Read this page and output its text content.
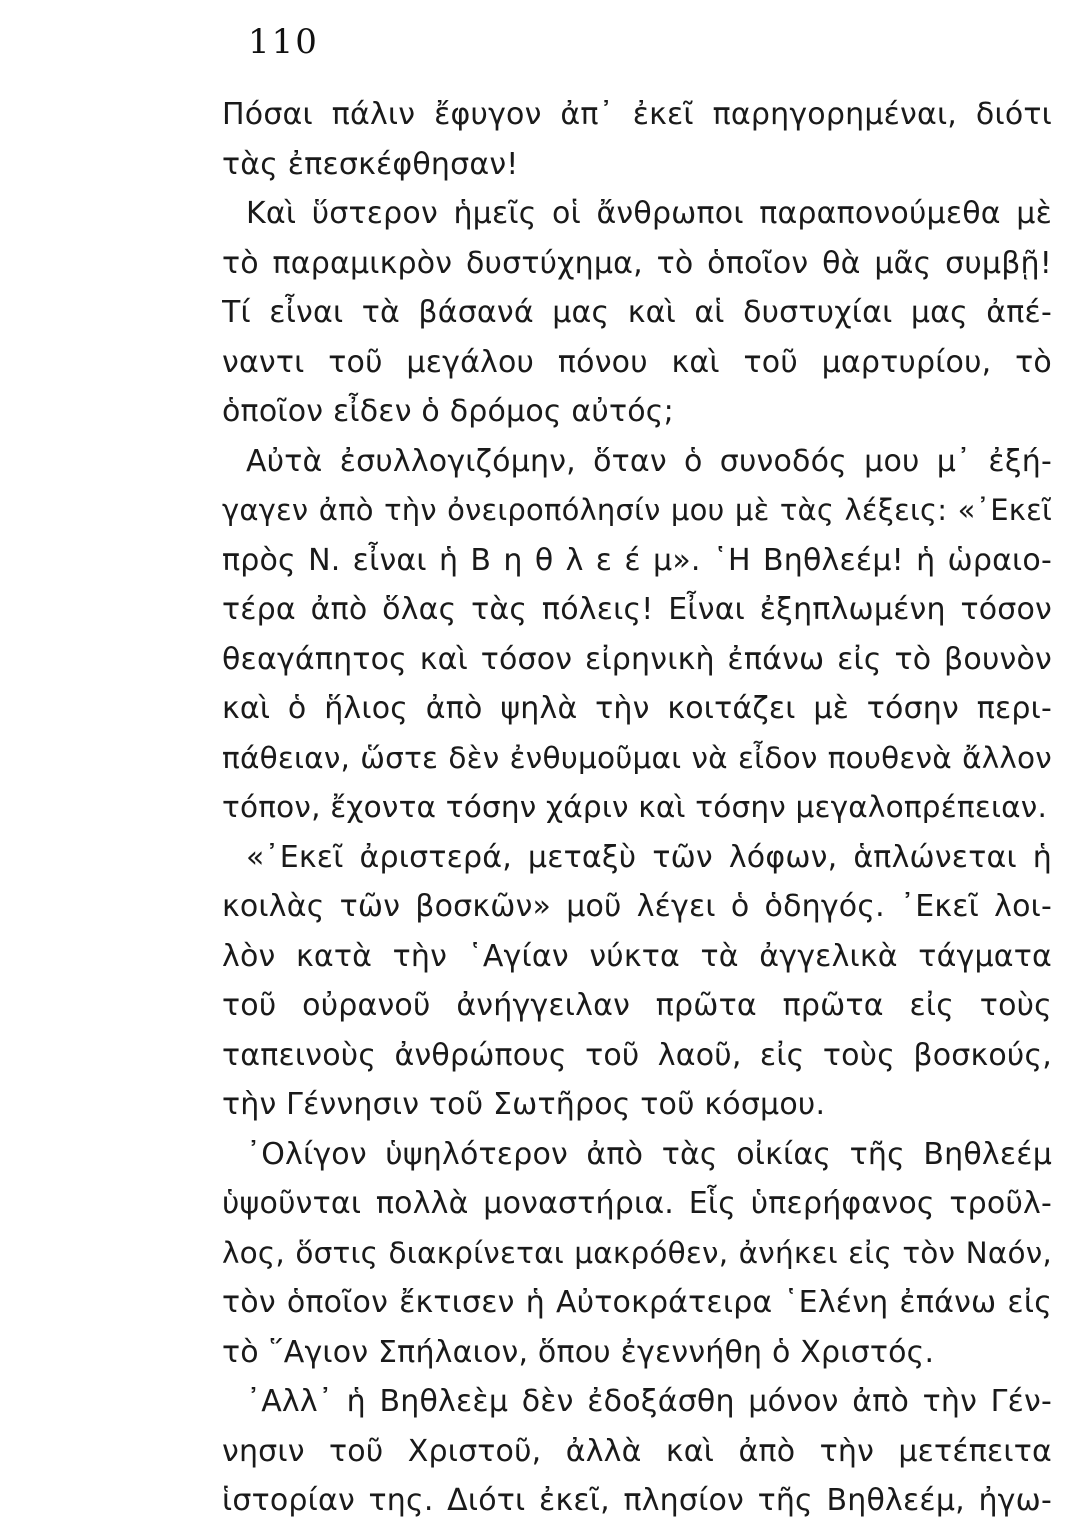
110
Πόσαι πάλιν ἔφυγον ἀπ᾿ ἐκεῖ παρηγορημέναι, διότι
τὰς ἐπεσκέφθησαν!
Καὶ ὕστερον ἡμεῖς οἱ ἄνθρωποι παραπονούμεθα μὲ
τὸ παραμικρὸν δυστύχημα, τὸ ὁποῖον θὰ μᾶς συμβῇ!
Τί εἶναι τὰ βάσανά μας καὶ αἱ δυστυχίαι μας ἀπέ-
ναντι τοῦ μεγάλου πόνου καὶ τοῦ μαρτυρίου, τὸ
ὁποῖον εἶδεν ὁ δρόμος αὐτός;
Αὐτὰ ἐσυλλογιζόμην, ὅταν ὁ συνοδός μου μ᾿ ἐξή-
γαγεν ἀπὸ τὴν ὀνειροπόλησίν μου μὲ τὰς λέξεις: «᾿Εκεῖ
πρὸς Ν. εἶναι ἡ Β η θ λ ε έ μ». ῾Η Βηθλεέμ! ἡ ὡραιο-
τέρα ἀπὸ ὅλας τὰς πόλεις! Εἶναι ἐξηπλωμένη τόσον
θεαγάπητος καὶ τόσον εἰρηνικὴ ἐπάνω εἰς τὸ βουνὸν
καὶ ὁ ἥλιος ἀπὸ ψηλὰ τὴν κοιτάζει μὲ τόσην περι-
πάθειαν, ὥστε δὲν ἐνθυμοῦμαι νὰ εἶδον πουθενὰ ἄλλον
τόπον, ἔχοντα τόσην χάριν καὶ τόσην μεγαλοπρέπειαν.
«᾿Εκεῖ ἀριστερά, μεταξὺ τῶν λόφων, ἁπλώνεται ἡ
κοιλὰς τῶν βοσκῶν» μοῦ λέγει ὁ ὁδηγός. ᾿Εκεῖ λοι-
λὸν κατὰ τὴν ῾Αγίαν νύκτα τὰ ἀγγελικὰ τάγματα
τοῦ οὐρανοῦ ἀνήγγειλαν πρῶτα πρῶτα εἰς τοὺς
ταπεινοὺς ἀνθρώπους τοῦ λαοῦ, εἰς τοὺς βοσκούς,
τὴν Γέννησιν τοῦ Σωτῆρος τοῦ κόσμου.
᾿Ολίγον ὑψηλότερον ἀπὸ τὰς οἰκίας τῆς Βηθλεέμ
ὑψοῦνται πολλὰ μοναστήρια. Εἷς ὑπερήφανος τροῦλ-
λος, ὅστις διακρίνεται μακρόθεν, ἀνήκει εἰς τὸν Ναόν,
τὸν ὁποῖον ἔκτισεν ἡ Αὐτοκράτειρα ῾Ελένη ἐπάνω εἰς
τὸ ῞Αγιον Σπήλαιον, ὅπου ἐγεννήθη ὁ Χριστός.
᾿Αλλ᾿ ἡ Βηθλεὲμ δὲν ἐδοξάσθη μόνον ἀπὸ τὴν Γέν-
νησιν τοῦ Χριστοῦ, ἀλλὰ καὶ ἀπὸ τὴν μετέπειτα
ἱστορίαν της. Διότι ἐκεῖ, πλησίον τῆς Βηθλεέμ, ἠγω-
